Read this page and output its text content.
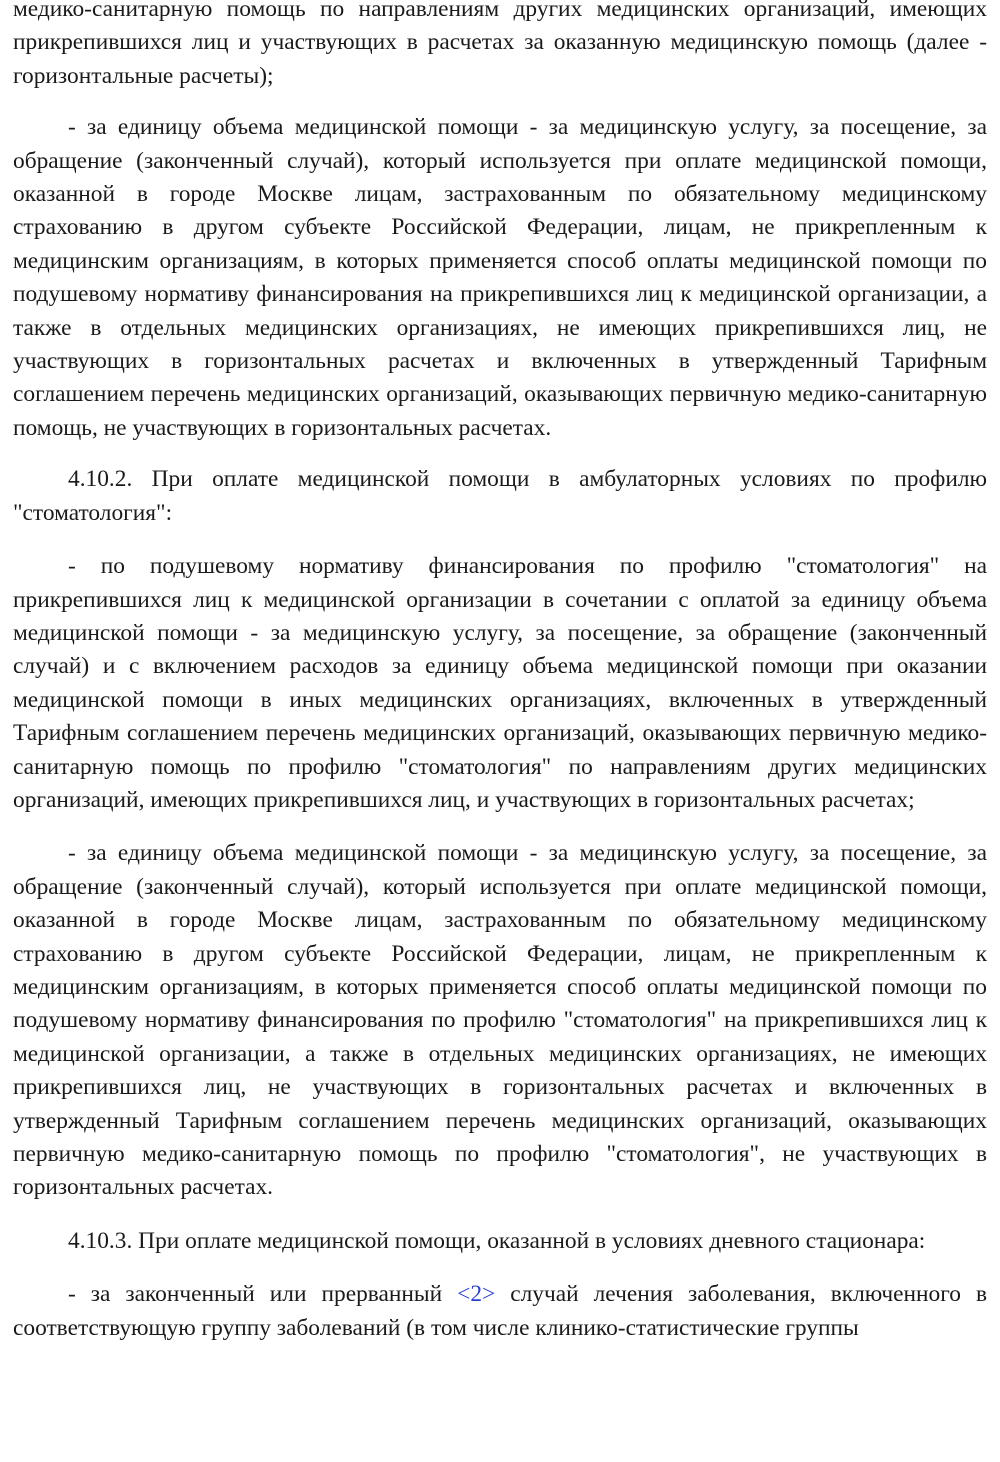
медико-санитарную помощь по направлениям других медицинских организаций, имеющих прикрепившихся лиц и участвующих в расчетах за оказанную медицинскую помощь (далее - горизонтальные расчеты);

- за единицу объема медицинской помощи - за медицинскую услугу, за посещение, за обращение (законченный случай), который используется при оплате медицинской помощи, оказанной в городе Москве лицам, застрахованным по обязательному медицинскому страхованию в другом субъекте Российской Федерации, лицам, не прикрепленным к медицинским организациям, в которых применяется способ оплаты медицинской помощи по подушевому нормативу финансирования на прикрепившихся лиц к медицинской организации, а также в отдельных медицинских организациях, не имеющих прикрепившихся лиц, не участвующих в горизонтальных расчетах и включенных в утвержденный Тарифным соглашением перечень медицинских организаций, оказывающих первичную медико-санитарную помощь, не участвующих в горизонтальных расчетах.

4.10.2. При оплате медицинской помощи в амбулаторных условиях по профилю "стоматология":

- по подушевому нормативу финансирования по профилю "стоматология" на прикрепившихся лиц к медицинской организации в сочетании с оплатой за единицу объема медицинской помощи - за медицинскую услугу, за посещение, за обращение (законченный случай) и с включением расходов за единицу объема медицинской помощи при оказании медицинской помощи в иных медицинских организациях, включенных в утвержденный Тарифным соглашением перечень медицинских организаций, оказывающих первичную медико-санитарную помощь по профилю "стоматология" по направлениям других медицинских организаций, имеющих прикрепившихся лиц, и участвующих в горизонтальных расчетах;

- за единицу объема медицинской помощи - за медицинскую услугу, за посещение, за обращение (законченный случай), который используется при оплате медицинской помощи, оказанной в городе Москве лицам, застрахованным по обязательному медицинскому страхованию в другом субъекте Российской Федерации, лицам, не прикрепленным к медицинским организациям, в которых применяется способ оплаты медицинской помощи по подушевому нормативу финансирования по профилю "стоматология" на прикрепившихся лиц к медицинской организации, а также в отдельных медицинских организациях, не имеющих прикрепившихся лиц, не участвующих в горизонтальных расчетах и включенных в утвержденный Тарифным соглашением перечень медицинских организаций, оказывающих первичную медико-санитарную помощь по профилю "стоматология", не участвующих в горизонтальных расчетах.

4.10.3. При оплате медицинской помощи, оказанной в условиях дневного стационара:

- за законченный или прерванный <2> случай лечения заболевания, включенного в соответствующую группу заболеваний (в том числе клинико-статистические группы
